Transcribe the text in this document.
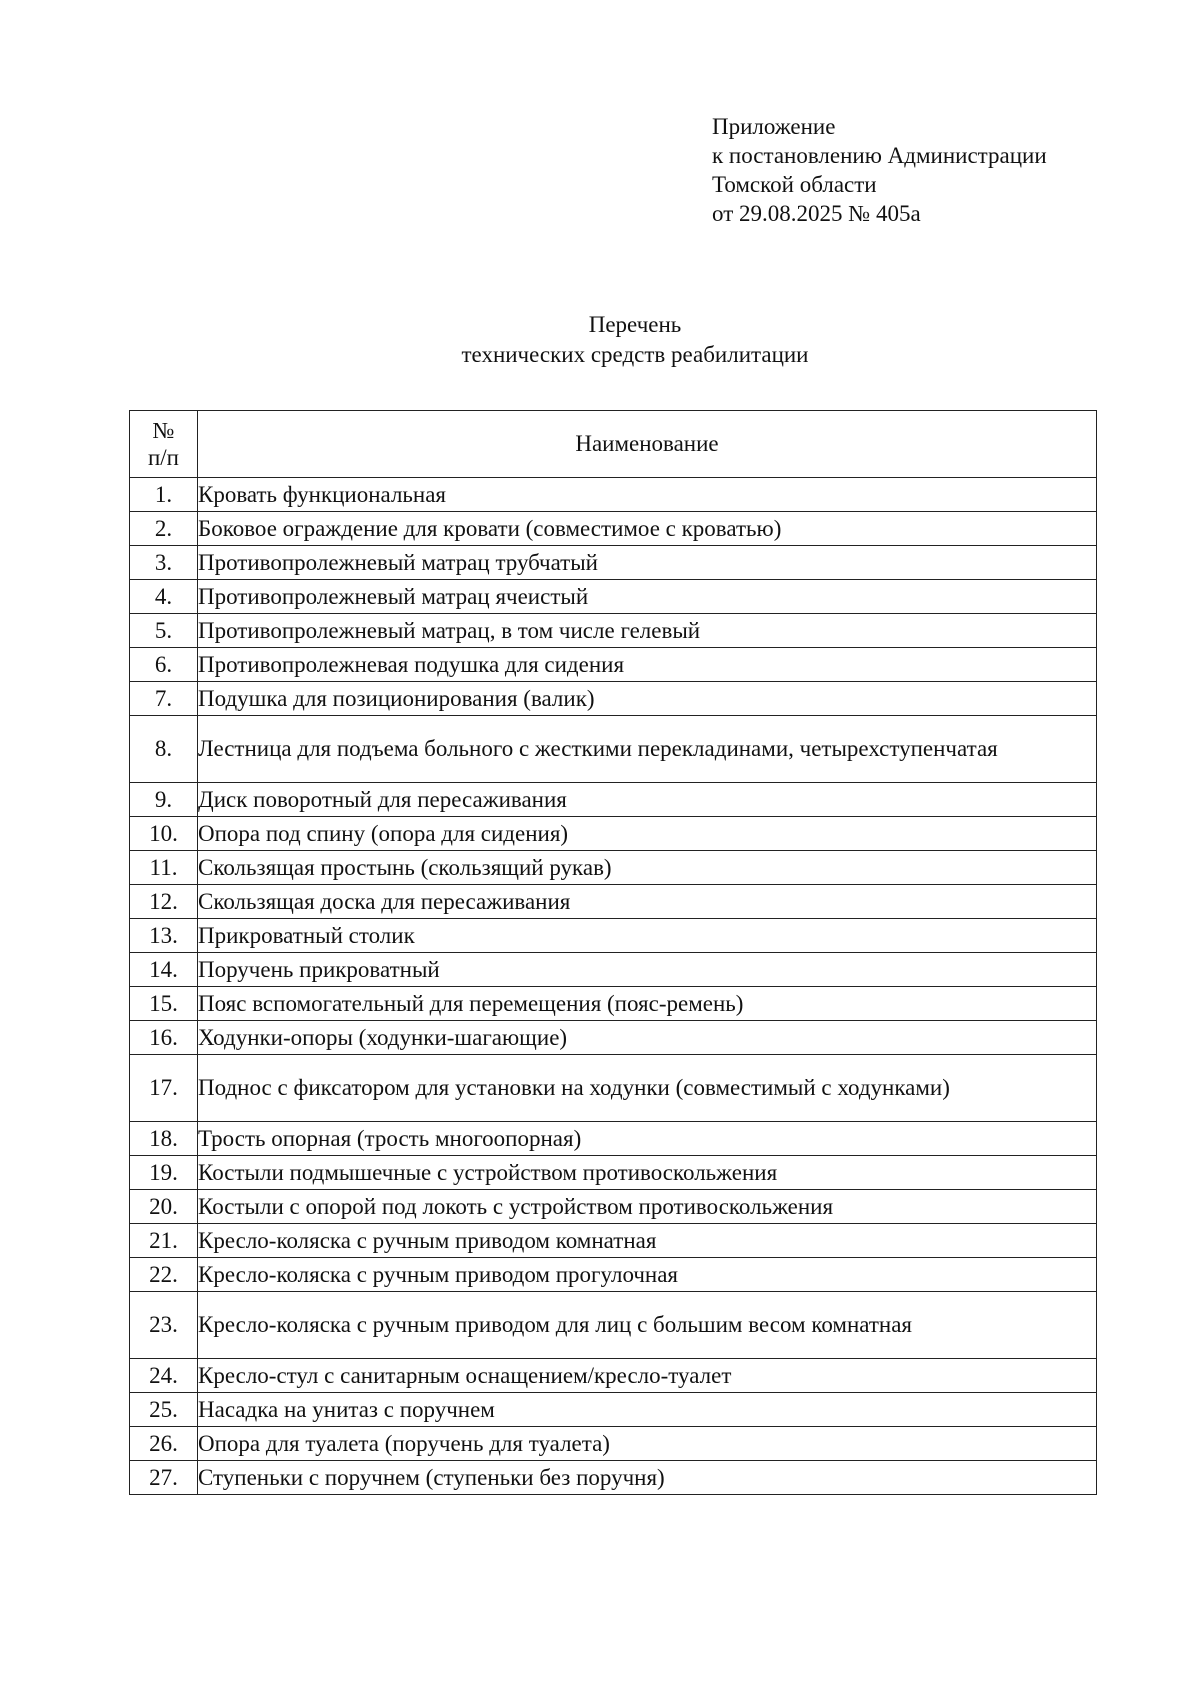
Приложение
к постановлению Администрации
Томской области
от 29.08.2025 № 405а
Перечень
технических средств реабилитации
№
п/п	Наименование
1.	Кровать функциональная
2.	Боковое ограждение для кровати (совместимое с кроватью)
3.	Противопролежневый матрац трубчатый
4.	Противопролежневый матрац ячеистый
5.	Противопролежневый матрац, в том числе гелевый
6.	Противопролежневая подушка для сидения
7.	Подушка для позиционирования (валик)
8.	Лестница для подъема больного с жесткими перекладинами, четырехступенчатая
9.	Диск поворотный для пересаживания
10.	Опора под спину (опора для сидения)
11.	Скользящая простынь (скользящий рукав)
12.	Скользящая доска для пересаживания
13.	Прикроватный столик
14.	Поручень прикроватный
15.	Пояс вспомогательный для перемещения (пояс-ремень)
16.	Ходунки-опоры (ходунки-шагающие)
17.	Поднос с фиксатором для установки на ходунки (совместимый с ходунками)
18.	Трость опорная (трость многоопорная)
19.	Костыли подмышечные с устройством противоскольжения
20.	Костыли с опорой под локоть с устройством противоскольжения
21.	Кресло-коляска с ручным приводом комнатная
22.	Кресло-коляска с ручным приводом прогулочная
23.	Кресло-коляска с ручным приводом для лиц с большим весом комнатная
24.	Кресло-стул с санитарным оснащением/кресло-туалет
25.	Насадка на унитаз с поручнем
26.	Опора для туалета (поручень для туалета)
27.	Ступеньки с поручнем (ступеньки без поручня)
